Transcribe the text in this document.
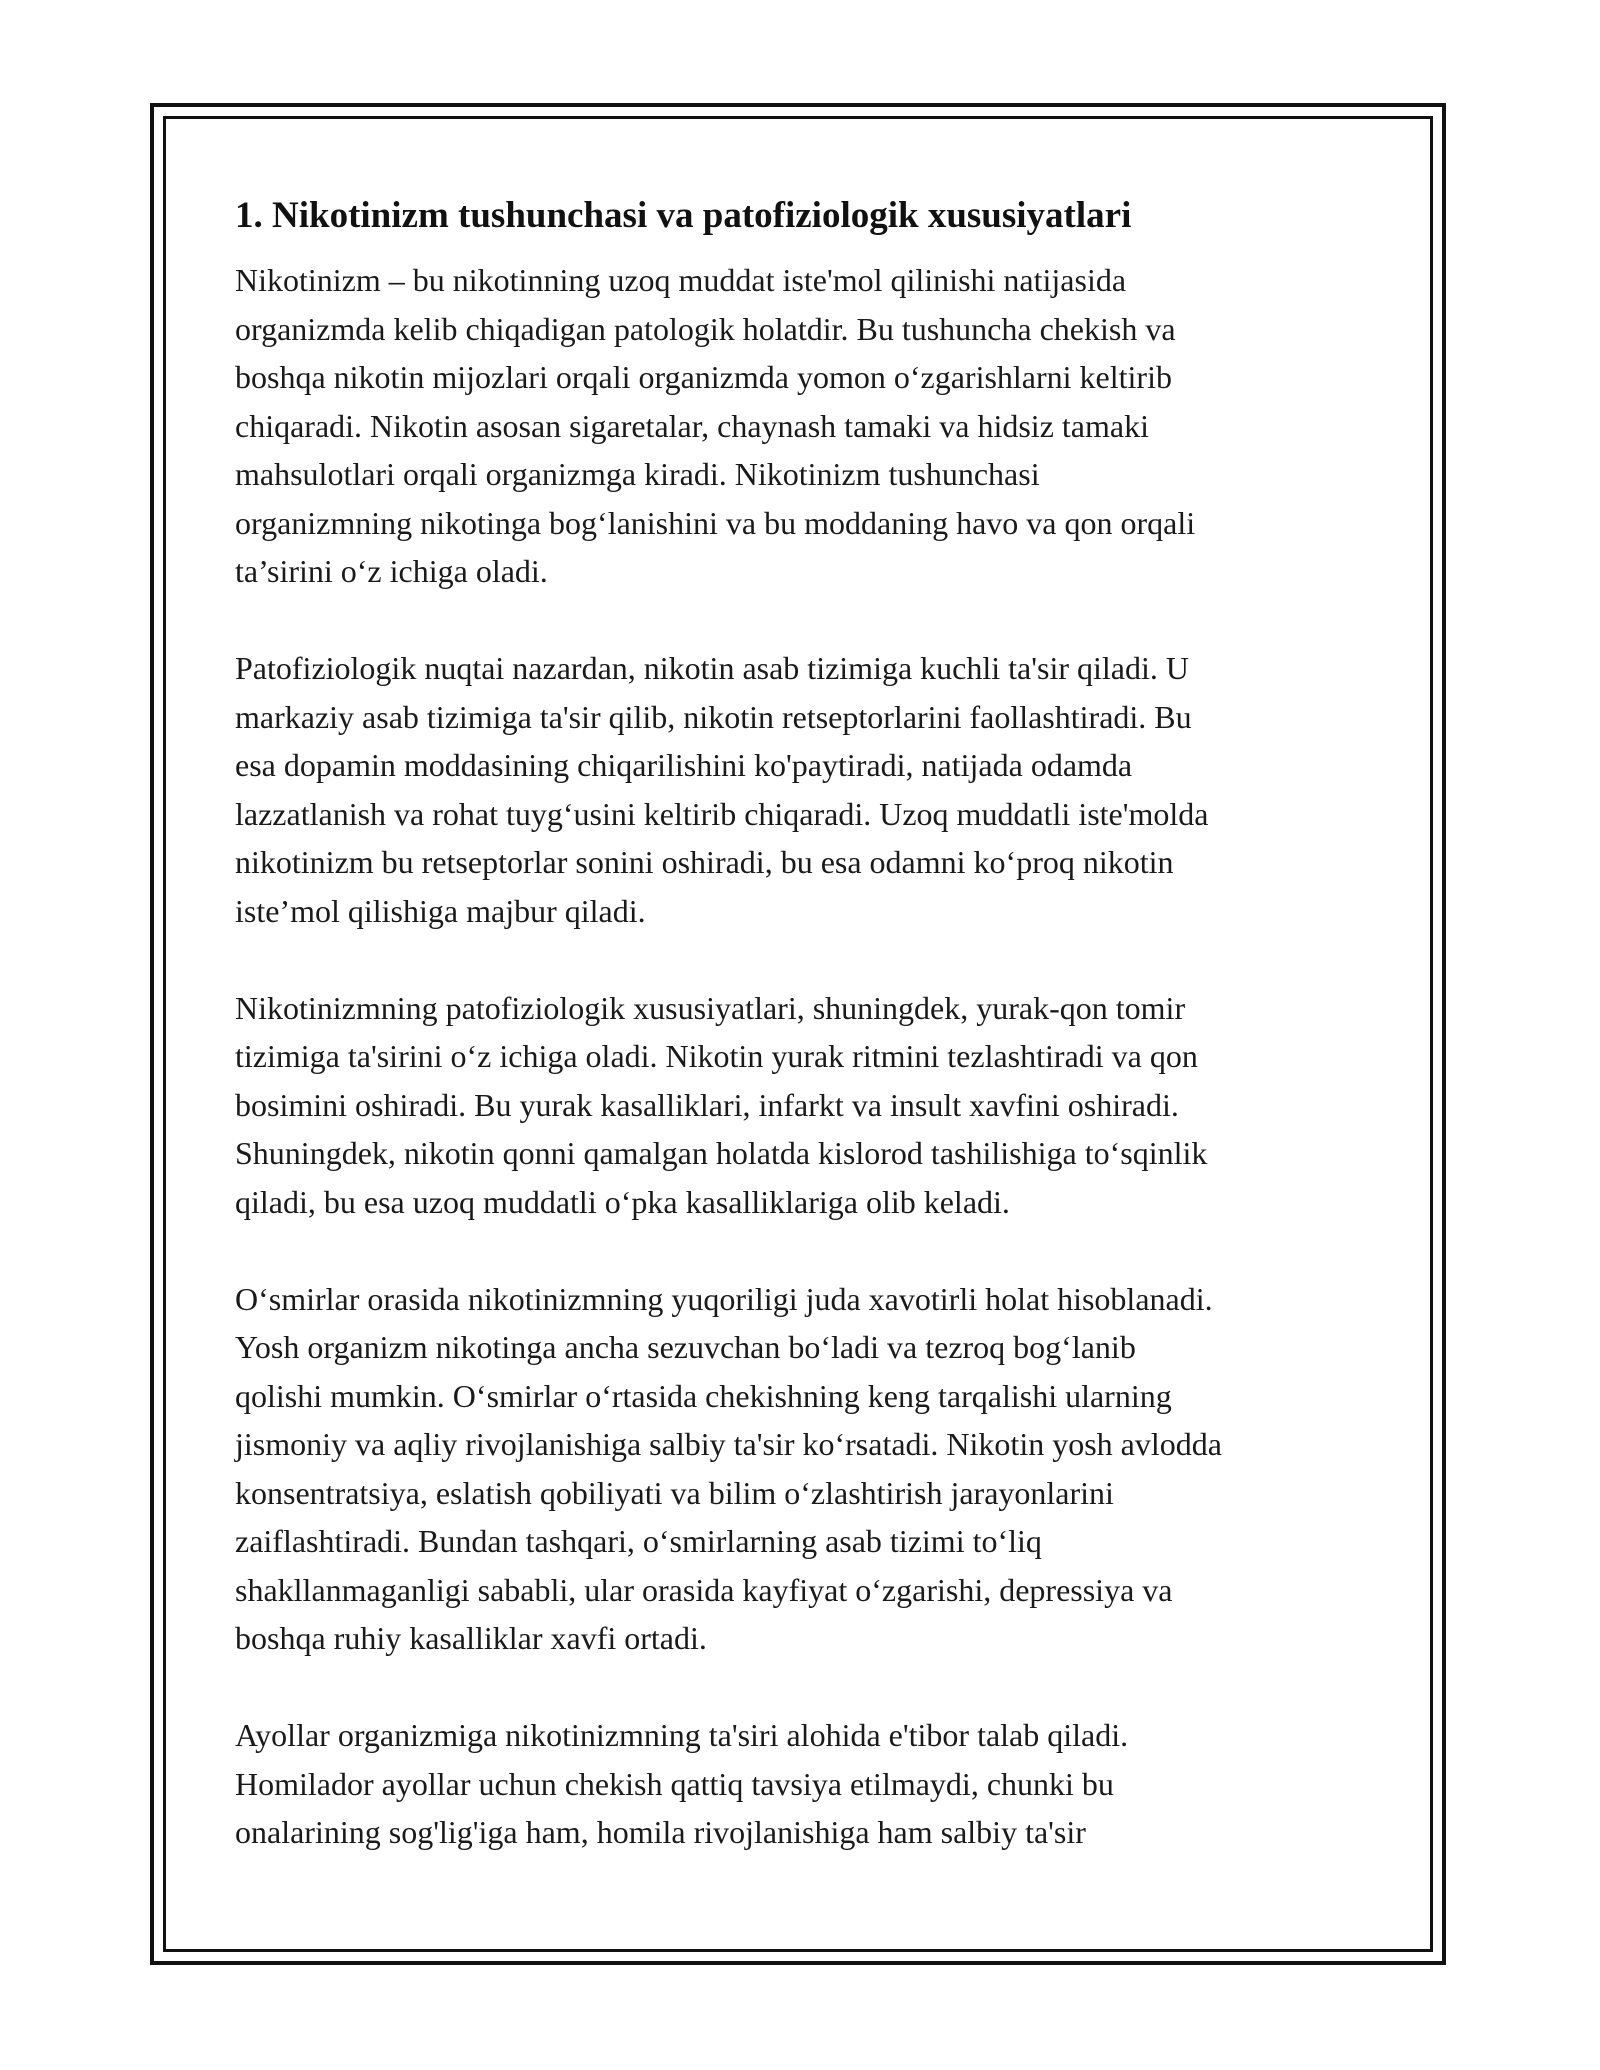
1. Nikotinizm tushunchasi va patofiziologik xususiyatlari
Nikotinizm – bu nikotinning uzoq muddat iste'mol qilinishi natijasida
organizmda kelib chiqadigan patologik holatdir. Bu tushuncha chekish va
boshqa nikotin mijozlari orqali organizmda yomon oʻzgarishlarni keltirib
chiqaradi. Nikotin asosan sigaretalar, chaynash tamaki va hidsiz tamaki
mahsulotlari orqali organizmga kiradi. Nikotinizm tushunchasi
organizmning nikotinga bogʻlanishini va bu moddaning havo va qon orqali
ta’sirini oʻz ichiga oladi.
Patofiziologik nuqtai nazardan, nikotin asab tizimiga kuchli ta'sir qiladi. U
markaziy asab tizimiga ta'sir qilib, nikotin retseptorlarini faollashtiradi. Bu
esa dopamin moddasining chiqarilishini ko'paytiradi, natijada odamda
lazzatlanish va rohat tuygʻusini keltirib chiqaradi. Uzoq muddatli iste'molda
nikotinizm bu retseptorlar sonini oshiradi, bu esa odamni koʻproq nikotin
iste’mol qilishiga majbur qiladi.
Nikotinizmning patofiziologik xususiyatlari, shuningdek, yurak-qon tomir
tizimiga ta'sirini oʻz ichiga oladi. Nikotin yurak ritmini tezlashtiradi va qon
bosimini oshiradi. Bu yurak kasalliklari, infarkt va insult xavfini oshiradi.
Shuningdek, nikotin qonni qamalgan holatda kislorod tashilishiga toʻsqinlik
qiladi, bu esa uzoq muddatli oʻpka kasalliklariga olib keladi.
Oʻsmirlar orasida nikotinizmning yuqoriligi juda xavotirli holat hisoblanadi.
Yosh organizm nikotinga ancha sezuvchan boʻladi va tezroq bogʻlanib
qolishi mumkin. Oʻsmirlar oʻrtasida chekishning keng tarqalishi ularning
jismoniy va aqliy rivojlanishiga salbiy ta'sir koʻrsatadi. Nikotin yosh avlodda
konsentratsiya, eslatish qobiliyati va bilim oʻzlashtirish jarayonlarini
zaiflashtiradi. Bundan tashqari, oʻsmirlarning asab tizimi toʻliq
shakllanmaganligi sababli, ular orasida kayfiyat oʻzgarishi, depressiya va
boshqa ruhiy kasalliklar xavfi ortadi.
Ayollar organizmiga nikotinizmning ta'siri alohida e'tibor talab qiladi.
Homilador ayollar uchun chekish qattiq tavsiya etilmaydi, chunki bu
onalarining sog'lig'iga ham, homila rivojlanishiga ham salbiy ta'sir
